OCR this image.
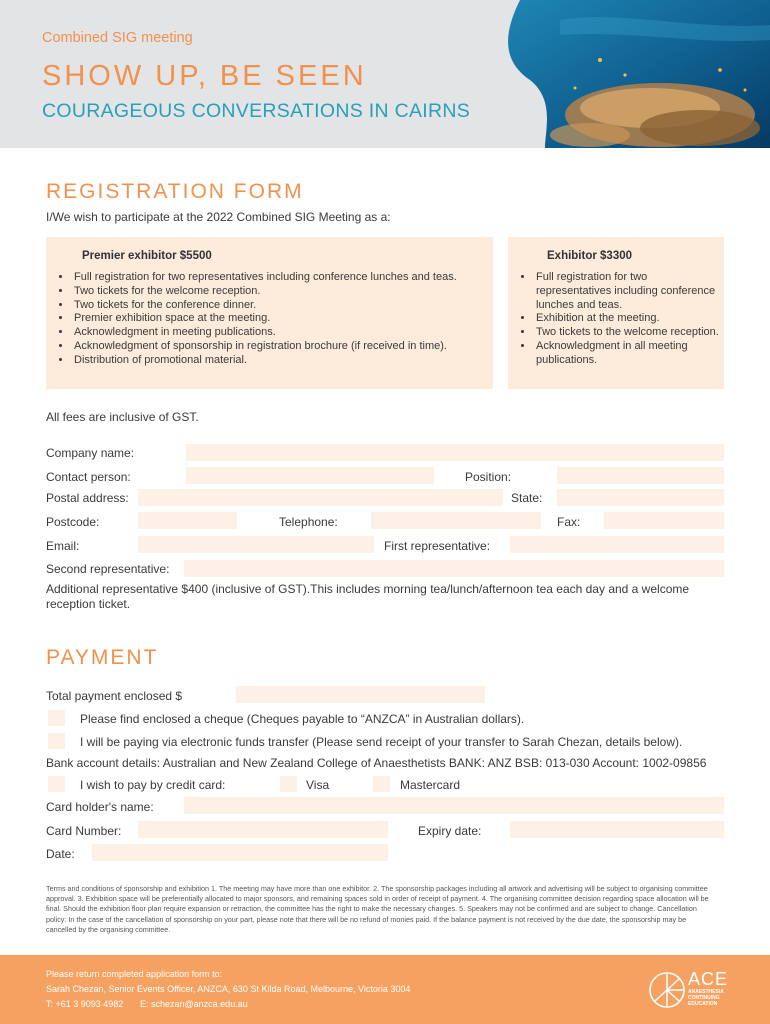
Combined SIG meeting
SHOW UP, BE SEEN
COURAGEOUS CONVERSATIONS IN CAIRNS
REGISTRATION FORM
I/We wish to participate at the 2022 Combined SIG Meeting as a:
Premier exhibitor $5500
• Full registration for two representatives including conference lunches and teas.
• Two tickets for the welcome reception.
• Two tickets for the conference dinner.
• Premier exhibition space at the meeting.
• Acknowledgment in meeting publications.
• Acknowledgment of sponsorship in registration brochure (if received in time).
• Distribution of promotional material.
Exhibitor $3300
• Full registration for two representatives including conference lunches and teas.
• Exhibition at the meeting.
• Two tickets to the welcome reception.
• Acknowledgment in all meeting publications.
All fees are inclusive of GST.
Company name:
Contact person:	Position:
Postal address:	State:
Postcode:	Telephone:	Fax:
Email:	First representative:
Second representative:
Additional representative $400 (inclusive of GST).This includes morning tea/lunch/afternoon tea each day and a welcome reception ticket.
PAYMENT
Total payment enclosed $
Please find enclosed a cheque (Cheques payable to “ANZCA” in Australian dollars).
I will be paying via electronic funds transfer (Please send receipt of your transfer to Sarah Chezan, details below).
Bank account details: Australian and New Zealand College of Anaesthetists BANK: ANZ BSB: 013-030 Account: 1002-09856
I wish to pay by credit card:	Visa	Mastercard
Card holder's name:
Card Number:	Expiry date:
Date:
Terms and conditions of sponsorship and exhibition 1. The meeting may have more than one exhibitor. 2. The sponsorship packages including all artwork and advertising will be subject to organising committee approval. 3. Exhibition space will be preferentially allocated to major sponsors, and remaining spaces sold in order of receipt of payment. 4. The organising committee decision regarding space allocation will be final. Should the exhibition floor plan require expansion or retraction, the committee has the right to make the necessary changes. 5. Speakers may not be confirmed and are subject to change. Cancellation policy: In the case of the cancellation of sponsorship on your part, please note that there will be no refund of monies paid. If the balance payment is not received by the due date, the sponsorship may be cancelled by the organising committee.
Please return completed application form to:
Sarah Chezan, Senior Events Officer, ANZCA, 630 St Kilda Road, Melbourne, Victoria 3004
T: +61 3 9093 4982 E: schezan@anzca.edu.au
ACE
ANAESTHESIA
CONTINUING
EDUCATION
